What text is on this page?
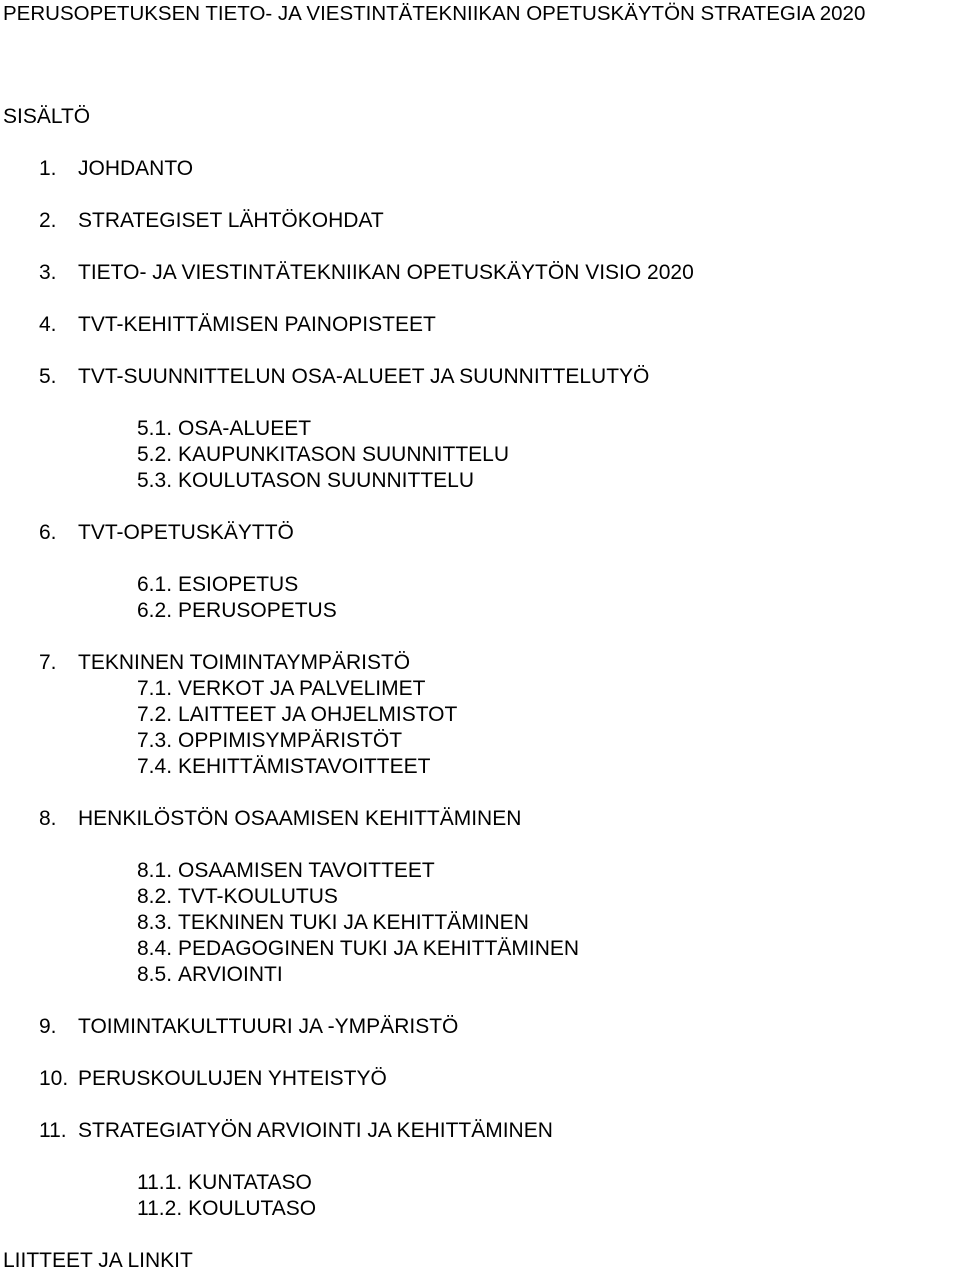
PERUSOPETUKSEN TIETO- JA VIESTINTÄTEKNIIKAN OPETUSKÄYTÖN STRATEGIA 2020
SISÄLTÖ
1. JOHDANTO
2. STRATEGISET LÄHTÖKOHDAT
3. TIETO- JA VIESTINTÄTEKNIIKAN OPETUSKÄYTÖN VISIO 2020
4. TVT-KEHITTÄMISEN PAINOPISTEET
5. TVT-SUUNNITTELUN OSA-ALUEET JA SUUNNITTELUTYÖ
5.1. OSA-ALUEET
5.2. KAUPUNKITASON SUUNNITTELU
5.3. KOULUTASON SUUNNITTELU
6. TVT-OPETUSKÄYTTÖ
6.1. ESIOPETUS
6.2. PERUSOPETUS
7. TEKNINEN TOIMINTAYMPÄRISTÖ
7.1. VERKOT JA PALVELIMET
7.2. LAITTEET JA OHJELMISTOT
7.3. OPPIMISYMPÄRISTÖT
7.4. KEHITTÄMISTAVOITTEET
8. HENKILÖSTÖN OSAAMISEN KEHITTÄMINEN
8.1. OSAAMISEN TAVOITTEET
8.2. TVT-KOULUTUS
8.3. TEKNINEN TUKI JA KEHITTÄMINEN
8.4. PEDAGOGINEN TUKI JA KEHITTÄMINEN
8.5. ARVIOINTI
9. TOIMINTAKULTTUURI JA -YMPÄRISTÖ
10. PERUSKOULUJEN YHTEISTYÖ
11. STRATEGIATYÖN ARVIOINTI JA KEHITTÄMINEN
11.1. KUNTATASO
11.2. KOULUTASO
LIITTEET JA LINKIT
